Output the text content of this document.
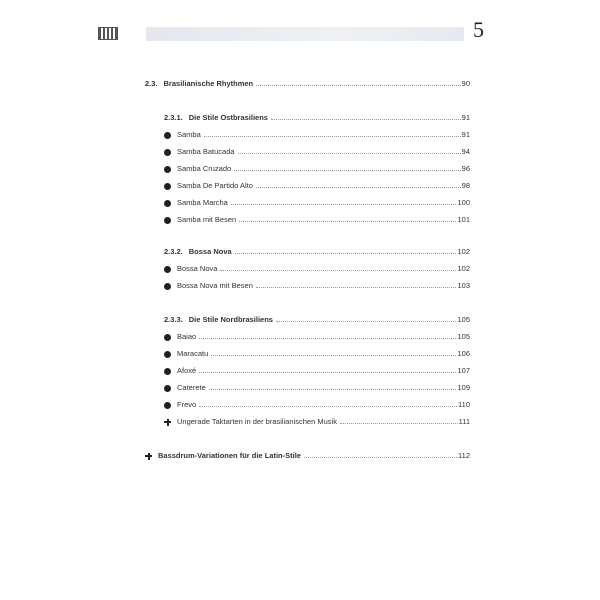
5
2.3. Brasilianische Rhythmen	90
2.3.1. Die Stile Ostbrasiliens	91
Samba	91
Samba Batucada	94
Samba Cruzado	96
Samba De Partido Alto	98
Samba Marcha	100
Samba mit Besen	101
2.3.2. Bossa Nova	102
Bossa Nova	102
Bossa Nova mit Besen	103
2.3.3. Die Stile Nordbrasiliens	105
Baiao	105
Maracatu	106
Afoxé	107
Caterete	109
Frevo	110
Ungerade Taktarten in der brasilianischen Musik	111
Bassdrum-Variationen für die Latin-Stile	112
